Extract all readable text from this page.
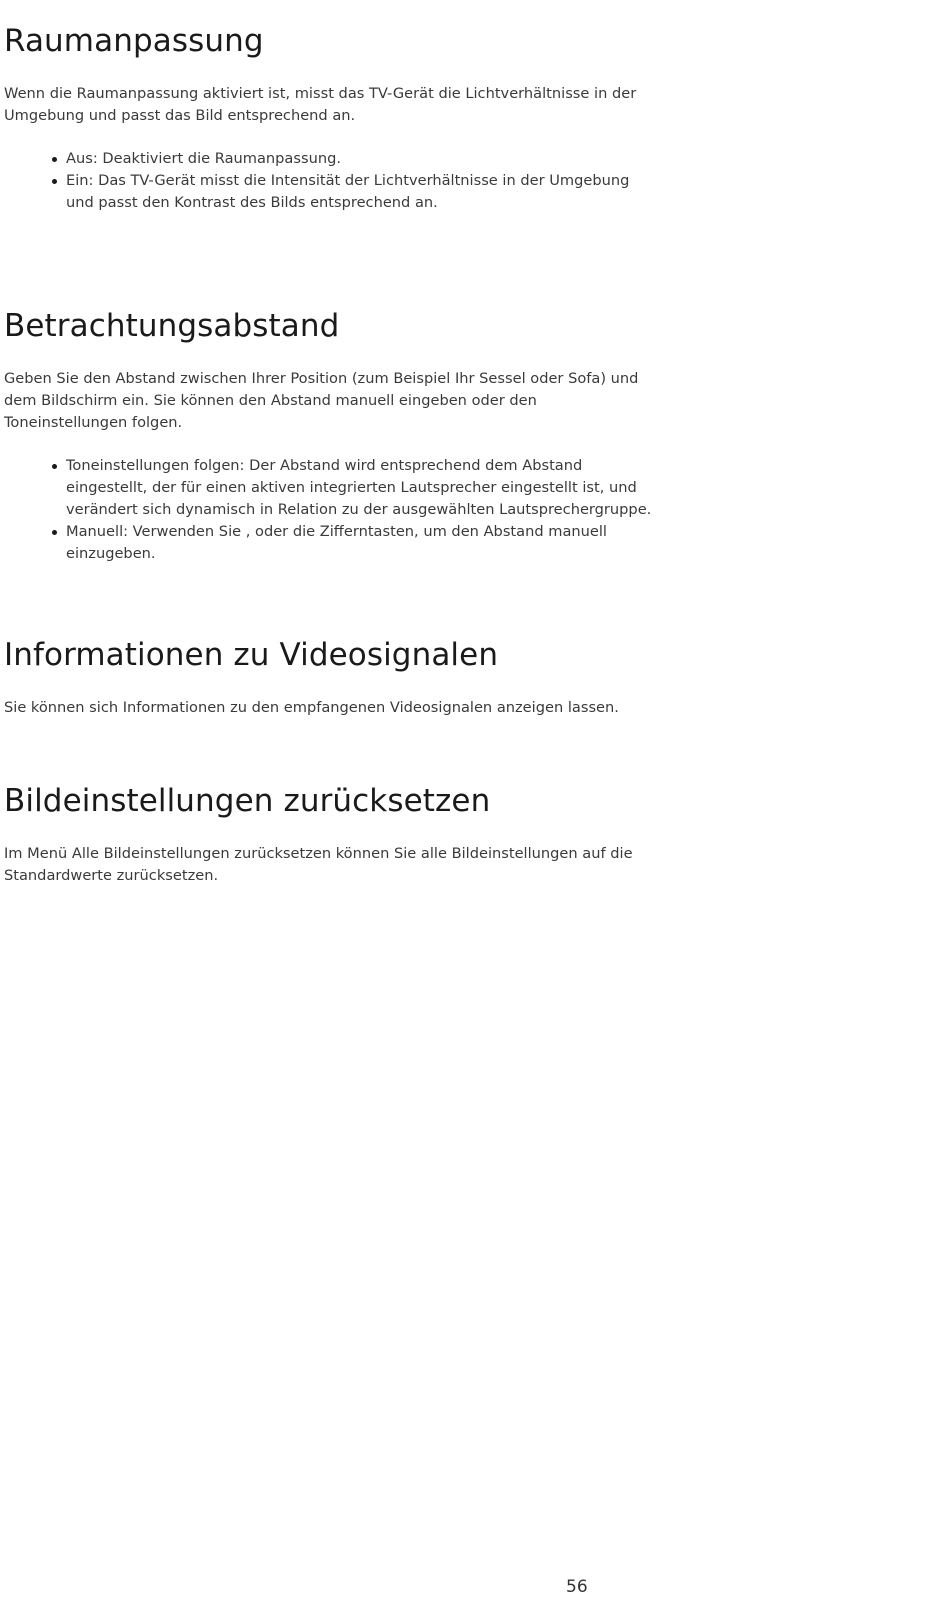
Raumanpassung

Wenn die Raumanpassung aktiviert ist, misst das TV-Gerät die Lichtverhältnisse in der
Umgebung und passt das Bild entsprechend an.

Aus: Deaktiviert die Raumanpassung.
Ein: Das TV-Gerät misst die Intensität der Lichtverhältnisse in der Umgebung
und passt den Kontrast des Bilds entsprechend an.
Betrachtungsabstand

Geben Sie den Abstand zwischen Ihrer Position (zum Beispiel Ihr Sessel oder Sofa) und
dem Bildschirm ein. Sie können den Abstand manuell eingeben oder den
Toneinstellungen folgen.

Toneinstellungen folgen: Der Abstand wird entsprechend dem Abstand
eingestellt, der für einen aktiven integrierten Lautsprecher eingestellt ist, und
verändert sich dynamisch in Relation zu der ausgewählten Lautsprechergruppe.
Manuell: Verwenden Sie , oder die Zifferntasten, um den Abstand manuell
einzugeben.
Informationen zu Videosignalen

Sie können sich Informationen zu den empfangenen Videosignalen anzeigen lassen.

Bildeinstellungen zurücksetzen

Im Menü Alle Bildeinstellungen zurücksetzen können Sie alle Bildeinstellungen auf die
Standardwerte zurücksetzen.

56
